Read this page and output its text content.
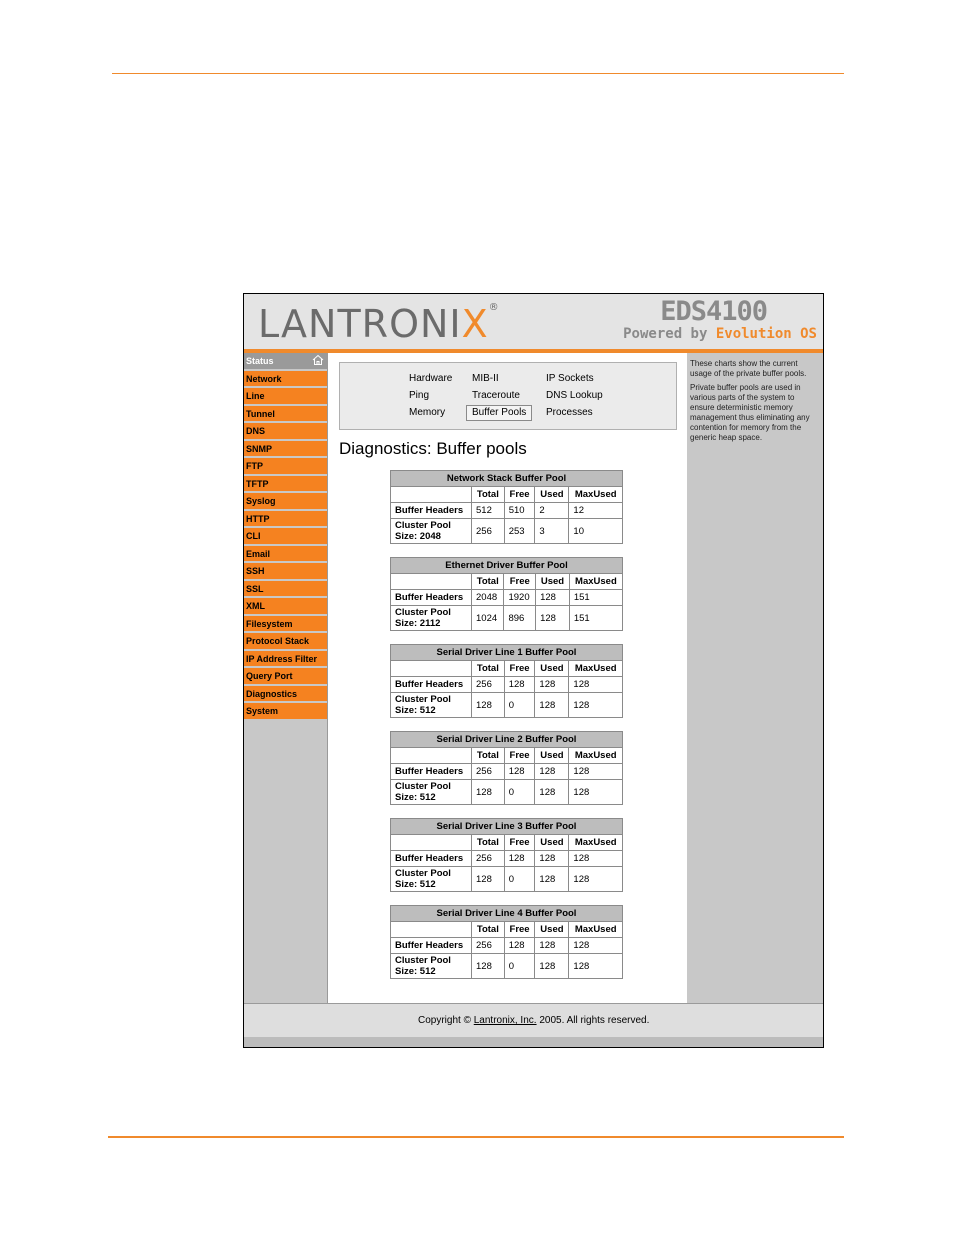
LANTRONIX®	EDS4100
Powered by Evolution OS
Status
Network
Line
Tunnel
DNS
SNMP
FTP
TFTP
Syslog
HTTP
CLI
Email
SSH
SSL
XML
Filesystem
Protocol Stack
IP Address Filter
Query Port
Diagnostics
System
Hardware MIB-II	IP Sockets
Ping	Traceroute	DNS Lookup
Memory	Buffer Pools	Processes
Diagnostics: Buffer pools
Network Stack Buffer Pool				
	Total	Free	Used	MaxUsed
Buffer Headers	512	510	2	12
Cluster Pool
Size: 2048	256	253	3	10
Ethernet Driver Buffer Pool				
	Total	Free	Used	MaxUsed
Buffer Headers	2048	1920	128	151
Cluster Pool
Size: 2112	1024	896	128	151
Serial Driver Line 1 Buffer Pool				
	Total	Free	Used	MaxUsed
Buffer Headers	256	128	128	128
Cluster Pool
Size: 512	128	0	128	128
Serial Driver Line 2 Buffer Pool				
	Total	Free	Used	MaxUsed
Buffer Headers	256	128	128	128
Cluster Pool
Size: 512	128	0	128	128
Serial Driver Line 3 Buffer Pool				
	Total	Free	Used	MaxUsed
Buffer Headers	256	128	128	128
Cluster Pool
Size: 512	128	0	128	128
Serial Driver Line 4 Buffer Pool				
	Total	Free	Used	MaxUsed
Buffer Headers	256	128	128	128
Cluster Pool
Size: 512	128	0	128	128

These charts show the current usage of the private buffer pools.

Private buffer pools are used in various parts of the system to ensure deterministic memory management thus eliminating any contention for memory from the generic heap space.

Copyright © Lantronix, Inc. 2005. All rights reserved.
